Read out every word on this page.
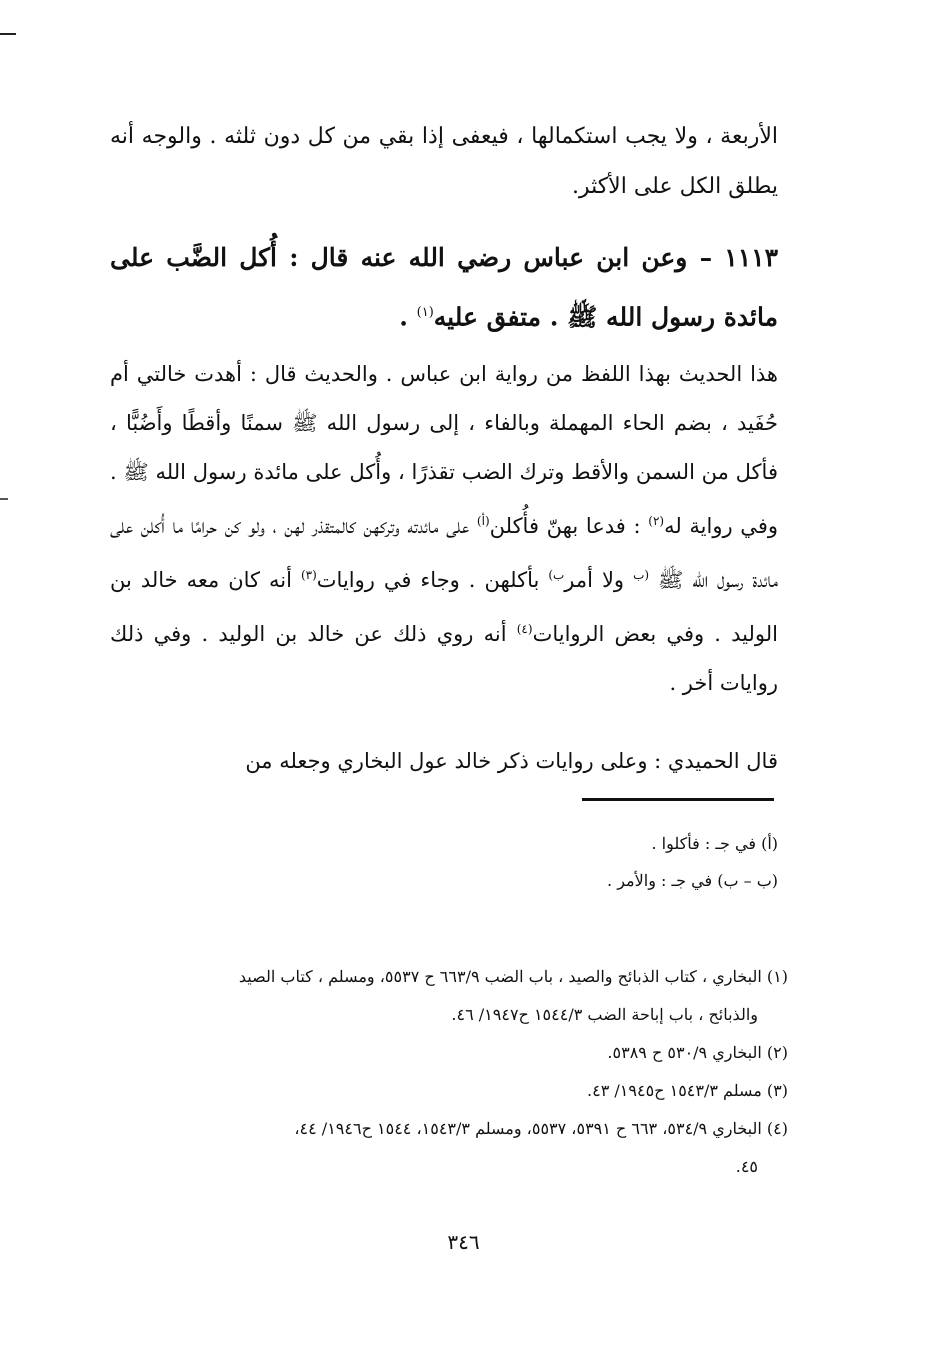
الأربعة ، ولا يجب استكمالها ، فيعفى إذا بقي من كل دون ثلثه . والوجه أنه يطلق الكل على الأكثر.

١١١٣ – وعن ابن عباس رضي الله عنه قال : أُكل الضَّب على مائدة رسول الله ﷺ . متفق عليه$^{(١)}$ .

هذا الحديث بهذا اللفظ من رواية ابن عباس . والحديث قال : أهدت خالتي أم حُفَيد ، بضم الحاء المهملة وبالفاء ، إلى رسول الله ﷺ سمنًا وأقطًا وأَضُبًّا ، فأكل من السمن والأقط وترك الضب تقذرًا ، وأُكل على مائدة رسول الله ﷺ . وفي رواية له$^{(٢)}$ : فدعا بهنّ فأُكلن$^{(أ)}$ على مائدته وتركهن كالمتقذر لهن ، ولو كن حرامًا ما أُكلن على مائدة رسول الله ﷺ $^{(ب}$ ولا أمر$^{ب)}$ بأكلهن . وجاء في روايات$^{(٣)}$ أنه كان معه خالد بن الوليد . وفي بعض الروايات$^{(٤)}$ أنه روي ذلك عن خالد بن الوليد . وفي ذلك روايات أخر .

قال الحميدي : وعلى روايات ذكر خالد عول البخاري وجعله من

(أ) في جـ : فأكلوا .
(ب – ب) في جـ : والأمر .

(١) البخاري ، كتاب الذبائح والصيد ، باب الضب ٦٦٣/٩ ح ٥٥٣٧، ومسلم ، كتاب الصيد
والذبائح ، باب إباحة الضب ١٥٤٤/٣ ح١٩٤٧/ ٤٦.

(٢) البخاري ٥٣٠/٩ ح ٥٣٨٩.

(٣) مسلم ١٥٤٣/٣ ح١٩٤٥/ ٤٣.

(٤) البخاري ٥٣٤/٩، ٦٦٣ ح ٥٣٩١، ٥٥٣٧، ومسلم ١٥٤٣/٣، ١٥٤٤ ح١٩٤٦/ ٤٤،
٤٥.

٣٤٦
